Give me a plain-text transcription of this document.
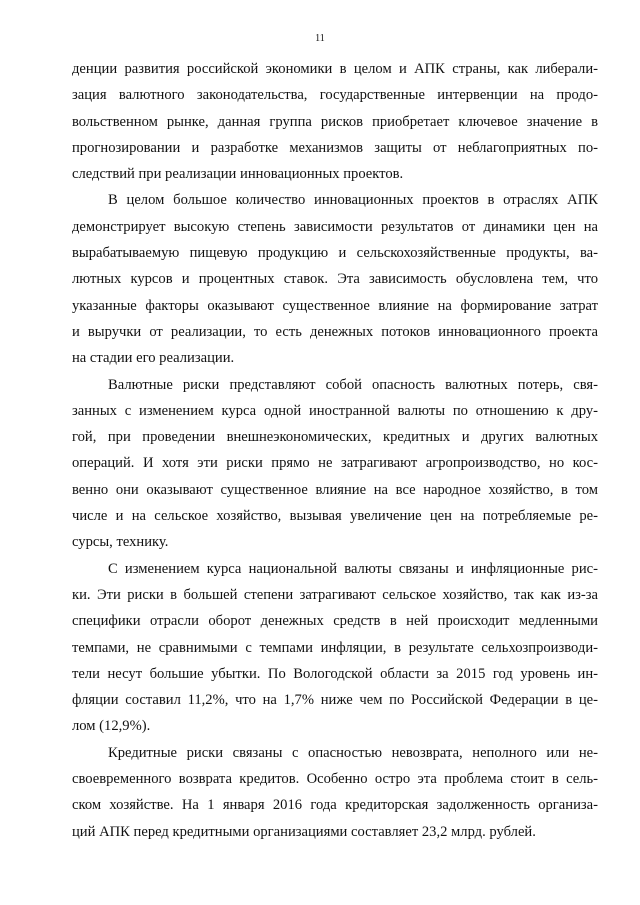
11
денции развития российской экономики в целом и АПК страны, как либерали-
зация валютного законодательства, государственные интервенции на продо-
вольственном рынке, данная группа рисков приобретает ключевое значение в
прогнозировании и разработке механизмов защиты от неблагоприятных по-
следствий при реализации инновационных проектов.
В целом большое количество инновационных проектов в отраслях АПК
демонстрирует высокую степень зависимости результатов от динамики цен на
вырабатываемую пищевую продукцию и сельскохозяйственные продукты, ва-
лютных курсов и процентных ставок. Эта зависимость обусловлена тем, что
указанные факторы оказывают существенное влияние на формирование затрат
и выручки от реализации, то есть денежных потоков инновационного проекта
на стадии его реализации.
Валютные риски представляют собой опасность валютных потерь, свя-
занных с изменением курса одной иностранной валюты по отношению к дру-
гой, при проведении внешнеэкономических, кредитных и других валютных
операций. И хотя эти риски прямо не затрагивают агропроизводство, но кос-
венно они оказывают существенное влияние на все народное хозяйство, в том
числе и на сельское хозяйство, вызывая увеличение цен на потребляемые ре-
сурсы, технику.
С изменением курса национальной валюты связаны и инфляционные рис-
ки. Эти риски в большей степени затрагивают сельское хозяйство, так как из-за
специфики отрасли оборот денежных средств в ней происходит медленными
темпами, не сравнимыми с темпами инфляции, в результате сельхозпроизводи-
тели несут большие убытки. По Вологодской области за 2015 год уровень ин-
фляции составил 11,2%, что на 1,7% ниже чем по Российской Федерации в це-
лом (12,9%).
Кредитные риски связаны с опасностью невозврата, неполного или не-
своевременного возврата кредитов. Особенно остро эта проблема стоит в сель-
ском хозяйстве. На 1 января 2016 года кредиторская задолженность организа-
ций АПК перед кредитными организациями составляет 23,2 млрд. рублей.
